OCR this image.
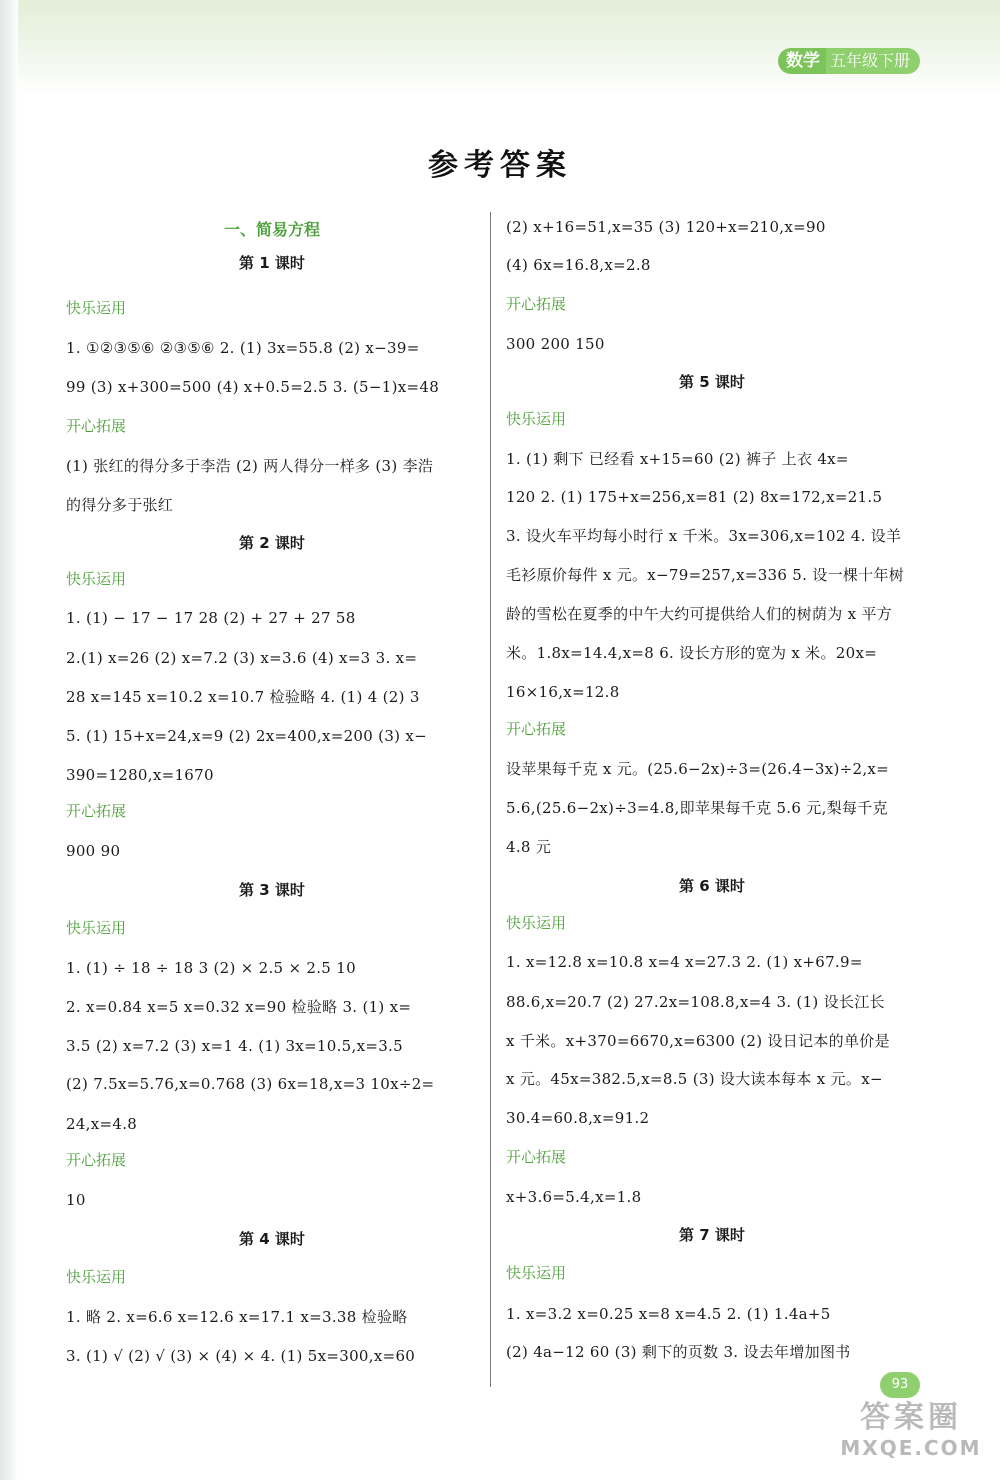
数学 五年级下册
参考答案
一、简易方程
第 1 课时
快乐运用
1. ①②③⑤⑥ ②③⑤⑥ 2. (1) 3x=55.8 (2) x−39=
99 (3) x+300=500 (4) x+0.5=2.5 3. (5−1)x=48
开心拓展
(1) 张红的得分多于李浩 (2) 两人得分一样多 (3) 李浩
的得分多于张红
第 2 课时
快乐运用
1. (1) − 17 − 17 28 (2) + 27 + 27 58
2.(1) x=26 (2) x=7.2 (3) x=3.6 (4) x=3 3. x=
28 x=145 x=10.2 x=10.7 检验略 4. (1) 4 (2) 3
5. (1) 15+x=24,x=9 (2) 2x=400,x=200 (3) x−
390=1280,x=1670
开心拓展
900 90
第 3 课时
快乐运用
1. (1) ÷ 18 ÷ 18 3 (2) × 2.5 × 2.5 10
2. x=0.84 x=5 x=0.32 x=90 检验略 3. (1) x=
3.5 (2) x=7.2 (3) x=1 4. (1) 3x=10.5,x=3.5
(2) 7.5x=5.76,x=0.768 (3) 6x=18,x=3 10x÷2=
24,x=4.8
开心拓展
10
第 4 课时
快乐运用
1. 略 2. x=6.6 x=12.6 x=17.1 x=3.38 检验略
3. (1) √ (2) √ (3) × (4) × 4. (1) 5x=300,x=60
(2) x+16=51,x=35 (3) 120+x=210,x=90
(4) 6x=16.8,x=2.8
开心拓展
300 200 150
第 5 课时
快乐运用
1. (1) 剩下 已经看 x+15=60 (2) 裤子 上衣 4x=
120 2. (1) 175+x=256,x=81 (2) 8x=172,x=21.5
3. 设火车平均每小时行 x 千米。3x=306,x=102 4. 设羊
毛衫原价每件 x 元。x−79=257,x=336 5. 设一棵十年树
龄的雪松在夏季的中午大约可提供给人们的树荫为 x 平方
米。1.8x=14.4,x=8 6. 设长方形的宽为 x 米。20x=
16×16,x=12.8
开心拓展
设苹果每千克 x 元。(25.6−2x)÷3=(26.4−3x)÷2,x=
5.6,(25.6−2x)÷3=4.8,即苹果每千克 5.6 元,梨每千克
4.8 元
第 6 课时
快乐运用
1. x=12.8 x=10.8 x=4 x=27.3 2. (1) x+67.9=
88.6,x=20.7 (2) 27.2x=108.8,x=4 3. (1) 设长江长
x 千米。x+370=6670,x=6300 (2) 设日记本的单价是
x 元。45x=382.5,x=8.5 (3) 设大读本每本 x 元。x−
30.4=60.8,x=91.2
开心拓展
x+3.6=5.4,x=1.8
第 7 课时
快乐运用
1. x=3.2 x=0.25 x=8 x=4.5 2. (1) 1.4a+5
(2) 4a−12 60 (3) 剩下的页数 3. 设去年增加图书
93
答案圈
MXQE.COM
